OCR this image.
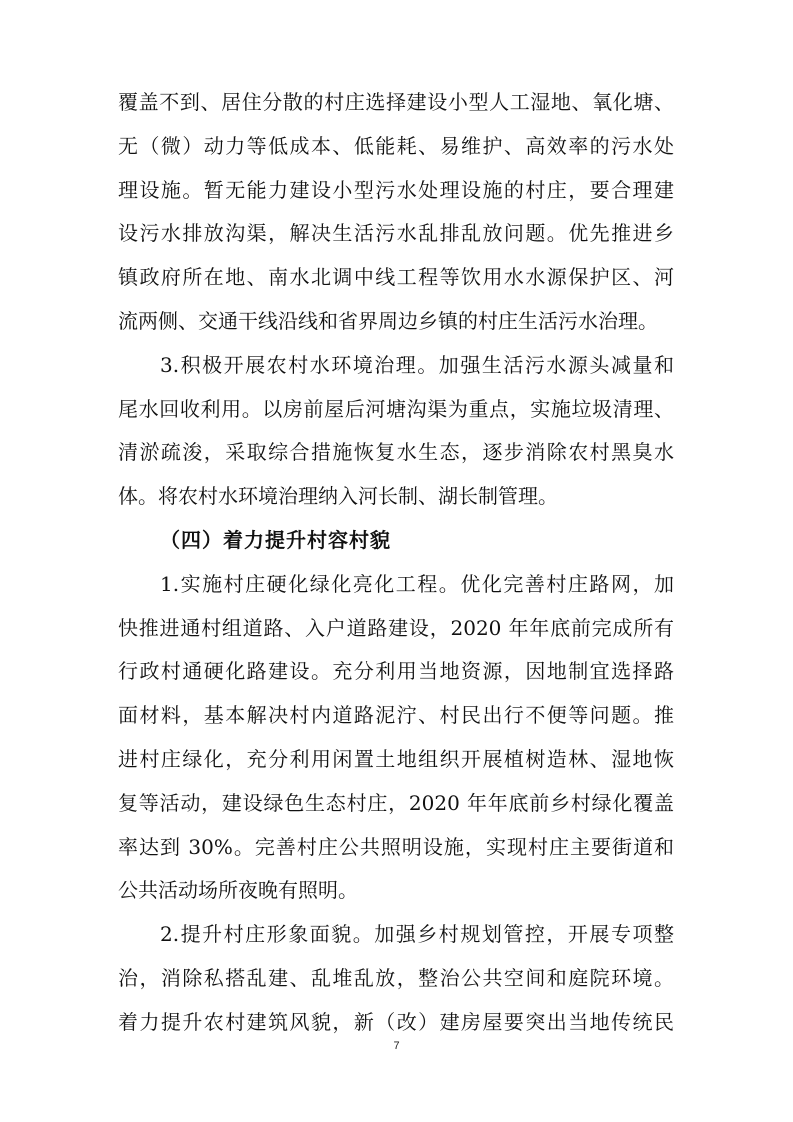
覆盖不到、居住分散的村庄选择建设小型人工湿地、氧化塘、
无（微）动力等低成本、低能耗、易维护、高效率的污水处
理设施。暂无能力建设小型污水处理设施的村庄，要合理建
设污水排放沟渠，解决生活污水乱排乱放问题。优先推进乡
镇政府所在地、南水北调中线工程等饮用水水源保护区、河
流两侧、交通干线沿线和省界周边乡镇的村庄生活污水治理。
3.积极开展农村水环境治理。加强生活污水源头减量和
尾水回收利用。以房前屋后河塘沟渠为重点，实施垃圾清理、
清淤疏浚，采取综合措施恢复水生态，逐步消除农村黑臭水
体。将农村水环境治理纳入河长制、湖长制管理。
（四）着力提升村容村貌
1.实施村庄硬化绿化亮化工程。优化完善村庄路网，加
快推进通村组道路、入户道路建设，2020 年年底前完成所有
行政村通硬化路建设。充分利用当地资源，因地制宜选择路
面材料，基本解决村内道路泥泞、村民出行不便等问题。推
进村庄绿化，充分利用闲置土地组织开展植树造林、湿地恢
复等活动，建设绿色生态村庄，2020 年年底前乡村绿化覆盖
率达到 30%。完善村庄公共照明设施，实现村庄主要街道和
公共活动场所夜晚有照明。
2.提升村庄形象面貌。加强乡村规划管控，开展专项整
治，消除私搭乱建、乱堆乱放，整治公共空间和庭院环境。
着力提升农村建筑风貌，新（改）建房屋要突出当地传统民
7
